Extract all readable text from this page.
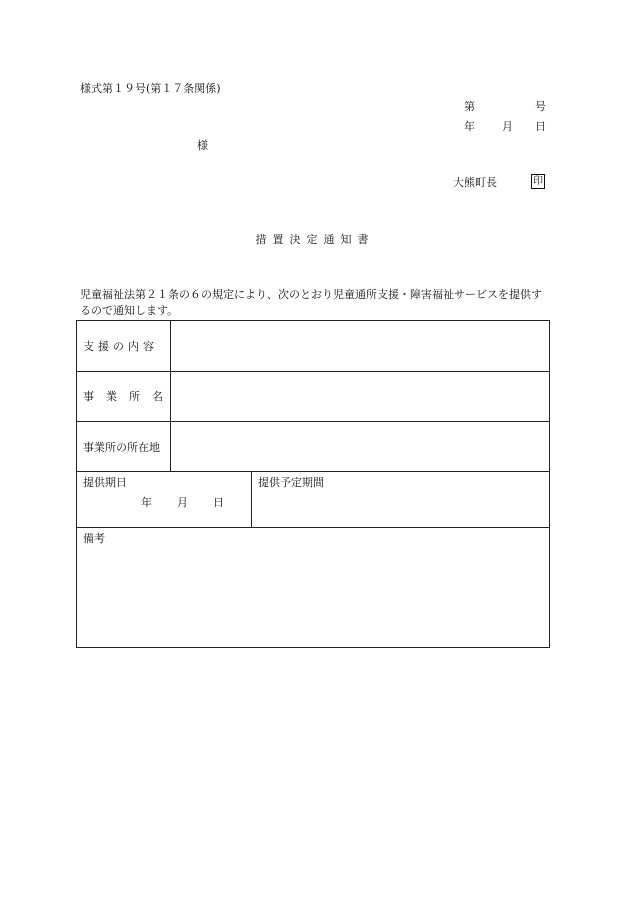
様式第１９号(第１７条関係)
第	号
年 月 日
様
大熊町長	印
措置決定通知書
児童福祉法第２１条の６の規定により、次のとおり児童通所支援・障害福祉サービスを提供するので通知します。
支援の内容
事業所名
事業所の所在地
提供期日
年 月 日
提供予定期間
備考
